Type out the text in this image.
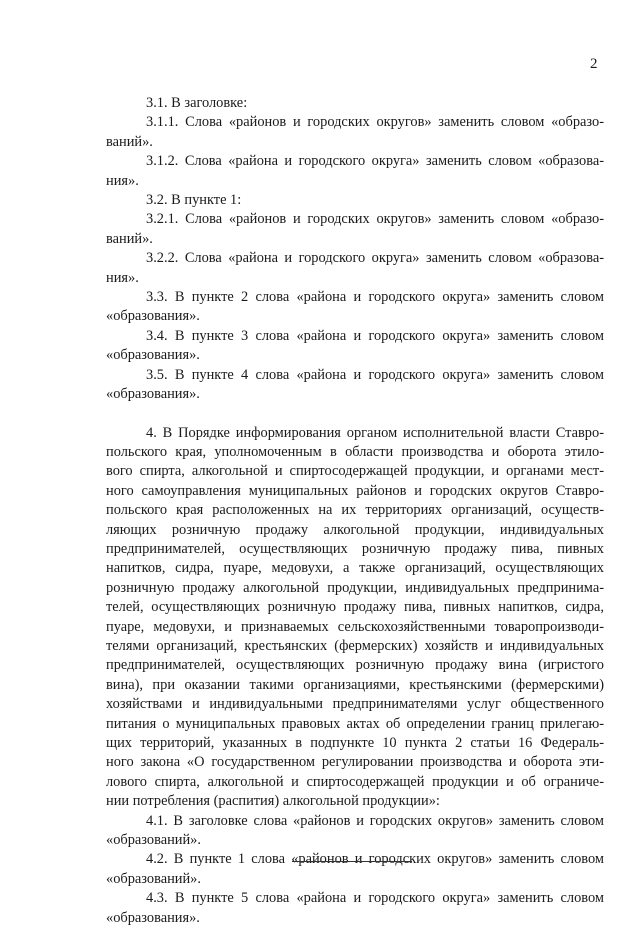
2

3.1. В заголовке:

3.1.1. Слова «районов и городских округов» заменить словом «образо-
ваний».

3.1.2. Слова «района и городского округа» заменить словом «образова-
ния».

3.2. В пункте 1:

3.2.1. Слова «районов и городских округов» заменить словом «образо-
ваний».

3.2.2. Слова «района и городского округа» заменить словом «образова-
ния».

3.3. В пункте 2 слова «района и городского округа» заменить словом
«образования».

3.4. В пункте 3 слова «района и городского округа» заменить словом
«образования».

3.5. В пункте 4 слова «района и городского округа» заменить словом
«образования».

4. В Порядке информирования органом исполнительной власти Ставро-
польского края, уполномоченным в области производства и оборота этило-
вого спирта, алкогольной и спиртосодержащей продукции, и органами мест-
ного самоуправления муниципальных районов и городских округов Ставро-
польского края расположенных на их территориях организаций, осуществ-
ляющих розничную продажу алкогольной продукции, индивидуальных
предпринимателей, осуществляющих розничную продажу пива, пивных
напитков, сидра, пуаре, медовухи, а также организаций, осуществляющих
розничную продажу алкогольной продукции, индивидуальных предпринима-
телей, осуществляющих розничную продажу пива, пивных напитков, сидра,
пуаре, медовухи, и признаваемых сельскохозяйственными товаропроизводи-
телями организаций, крестьянских (фермерских) хозяйств и индивидуальных
предпринимателей, осуществляющих розничную продажу вина (игристого
вина), при оказании такими организациями, крестьянскими (фермерскими)
хозяйствами и индивидуальными предпринимателями услуг общественного
питания о муниципальных правовых актах об определении границ прилегаю-
щих территорий, указанных в подпункте 10 пункта 2 статьи 16 Федераль-
ного закона «О государственном регулировании производства и оборота эти-
лового спирта, алкогольной и спиртосодержащей продукции и об ограниче-
нии потребления (распития) алкогольной продукции»:

4.1. В заголовке слова «районов и городских округов» заменить словом
«образований».

4.2. В пункте 1 слова «районов и городских округов» заменить словом
«образований».

4.3. В пункте 5 слова «района и городского округа» заменить словом
«образования».
